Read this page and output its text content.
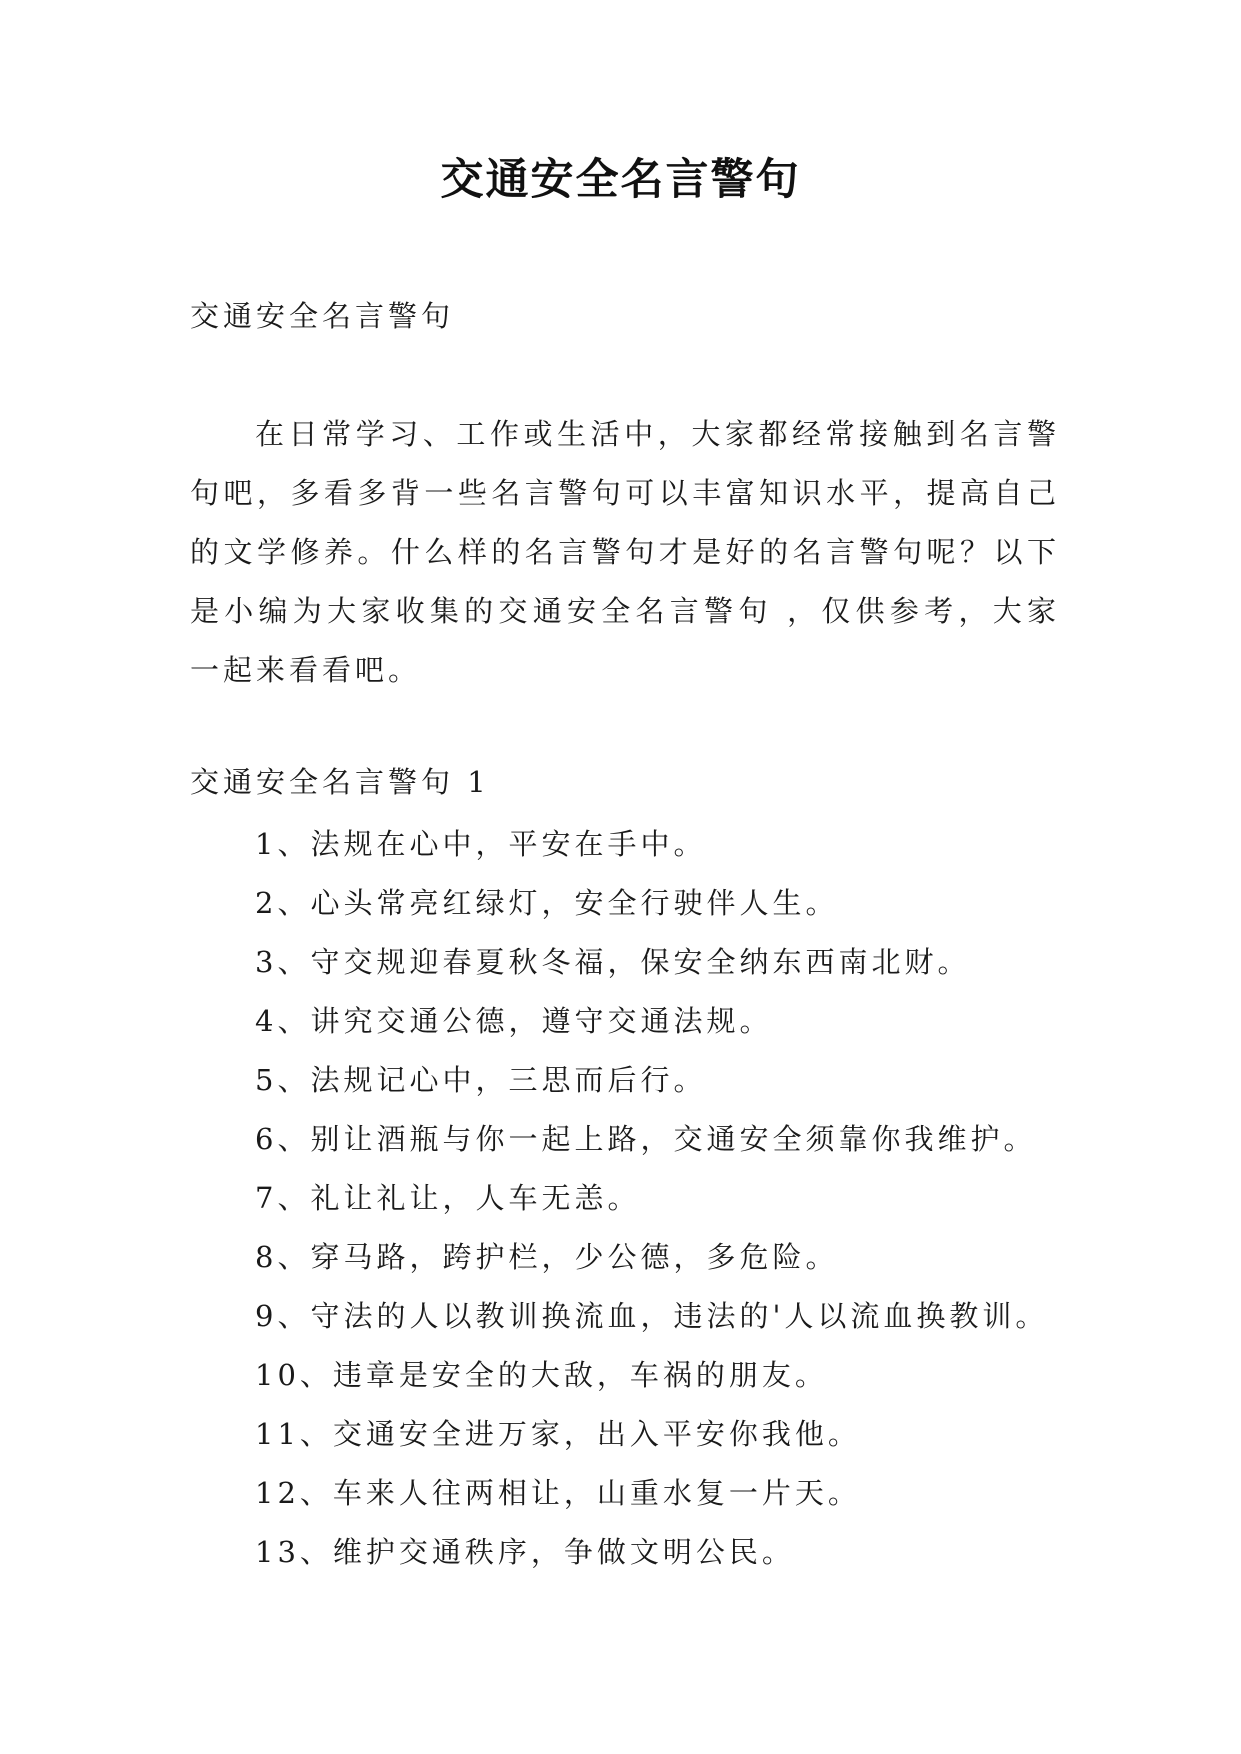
交通安全名言警句
交通安全名言警句

在日常学习、工作或生活中，大家都经常接触到名言警句吧，多看多背一些名言警句可以丰富知识水平，提高自己的文学修养。什么样的名言警句才是好的名言警句呢？以下是小编为大家收集的交通安全名言警句 ，仅供参考，大家一起来看看吧。

交通安全名言警句 1
1、法规在心中，平安在手中。
2、心头常亮红绿灯，安全行驶伴人生。
3、守交规迎春夏秋冬福，保安全纳东西南北财。
4、讲究交通公德，遵守交通法规。
5、法规记心中，三思而后行。
6、别让酒瓶与你一起上路，交通安全须靠你我维护。
7、礼让礼让，人车无恙。
8、穿马路，跨护栏，少公德，多危险。
9、守法的人以教训换流血，违法的'人以流血换教训。
10、违章是安全的大敌，车祸的朋友。
11、交通安全进万家，出入平安你我他。
12、车来人往两相让，山重水复一片天。
13、维护交通秩序，争做文明公民。
